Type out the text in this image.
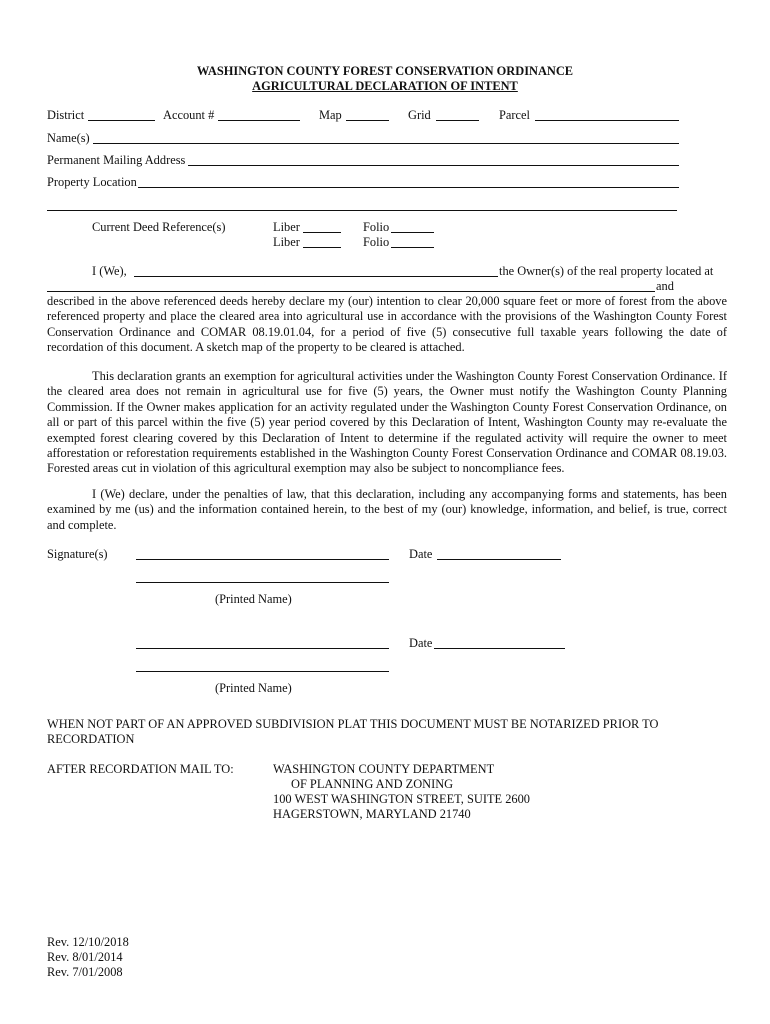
WASHINGTON COUNTY FOREST CONSERVATION ORDINANCE
AGRICULTURAL DECLARATION OF INTENT
District	Account #	Map	Grid	Parcel
Name(s)
Permanent Mailing Address
Property Location
Current Deed Reference(s)	Liber	Folio
Liber	Folio
I (We),	the Owner(s) of the real property located at
and
described in the above referenced deeds hereby declare my (our) intention to clear 20,000 square feet or more of forest from the above referenced property and place the cleared area into agricultural use in accordance with the provisions of the Washington County Forest Conservation Ordinance and COMAR 08.19.01.04, for a period of five (5) consecutive full taxable years following the date of recordation of this document. A sketch map of the property to be cleared is attached.
This declaration grants an exemption for agricultural activities under the Washington County Forest Conservation Ordinance. If the cleared area does not remain in agricultural use for five (5) years, the Owner must notify the Washington County Planning Commission. If the Owner makes application for an activity regulated under the Washington County Forest Conservation Ordinance, on all or part of this parcel within the five (5) year period covered by this Declaration of Intent, Washington County may re-evaluate the exempted forest clearing covered by this Declaration of Intent to determine if the regulated activity will require the owner to meet afforestation or reforestation requirements established in the Washington County Forest Conservation Ordinance and COMAR 08.19.03. Forested areas cut in violation of this agricultural exemption may also be subject to noncompliance fees.
I (We) declare, under the penalties of law, that this declaration, including any accompanying forms and statements, has been examined by me (us) and the information contained herein, to the best of my (our) knowledge, information, and belief, is true, correct and complete.
Signature(s)	Date
(Printed Name)
Date
(Printed Name)
WHEN NOT PART OF AN APPROVED SUBDIVISION PLAT THIS DOCUMENT MUST BE NOTARIZED PRIOR TO
RECORDATION
AFTER RECORDATION MAIL TO:	WASHINGTON COUNTY DEPARTMENT
OF PLANNING AND ZONING
100 WEST WASHINGTON STREET, SUITE 2600
HAGERSTOWN, MARYLAND 21740
Rev. 12/10/2018
Rev. 8/01/2014
Rev. 7/01/2008
